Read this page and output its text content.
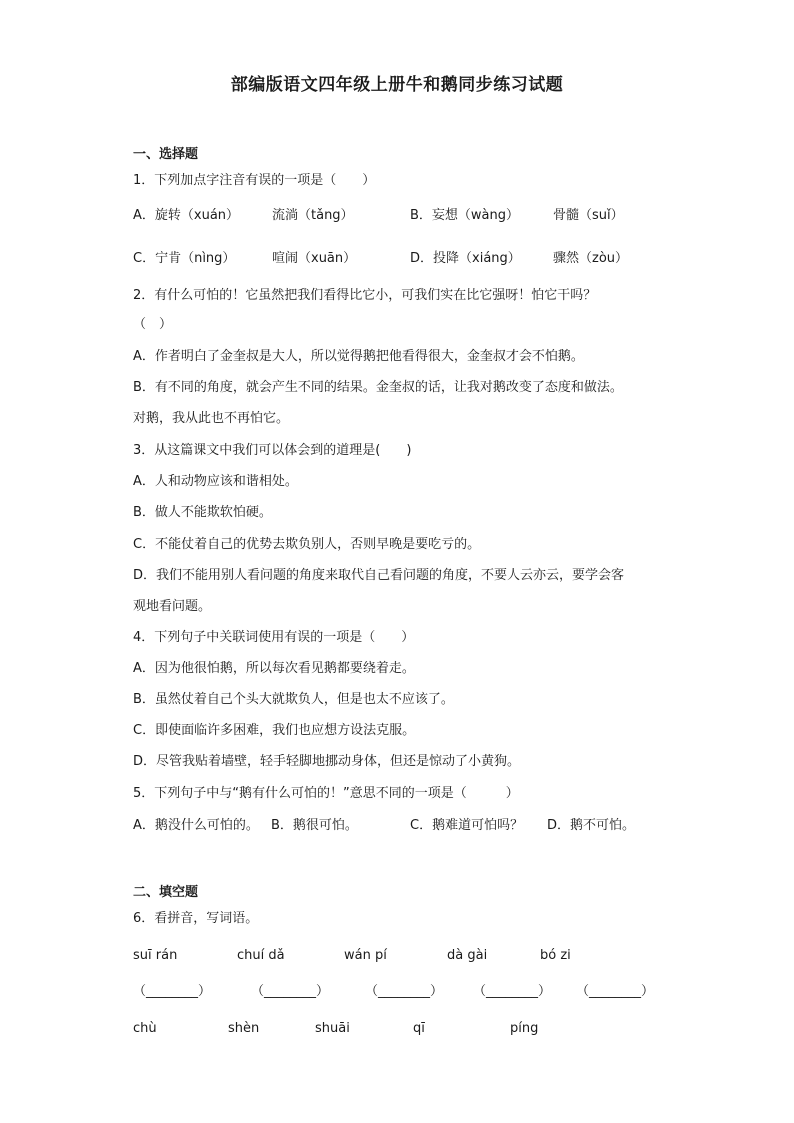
部编版语文四年级上册牛和鹅同步练习试题
一、选择题
1．下列加点字注音有误的一项是（　　）
A．旋转（xuán）	流淌（tǎng）	B．妄想（wàng）	骨髓（suǐ）
C．宁肯（nìng）	喧闹（xuān）	D．投降（xiáng） 骤然（zòu）
2．有什么可怕的！它虽然把我们看得比它小，可我们实在比它强呀！怕它干吗？
（　）
A．作者明白了金奎叔是大人，所以觉得鹅把他看得很大，金奎叔才会不怕鹅。
B．有不同的角度，就会产生不同的结果。金奎叔的话，让我对鹅改变了态度和做法。
对鹅，我从此也不再怕它。
3．从这篇课文中我们可以体会到的道理是(　　)
A．人和动物应该和谐相处。
B．做人不能欺软怕硬。
C．不能仗着自己的优势去欺负别人，否则早晚是要吃亏的。
D．我们不能用别人看问题的角度来取代自己看问题的角度，不要人云亦云，要学会客
观地看问题。
4．下列句子中关联词使用有误的一项是（　　）
A．因为他很怕鹅，所以每次看见鹅都要绕着走。
B．虽然仗着自己个头大就欺负人，但是也太不应该了。
C．即使面临许多困难，我们也应想方设法克服。
D．尽管我贴着墙壁，轻手轻脚地挪动身体，但还是惊动了小黄狗。
5．下列句子中与“鹅有什么可怕的！”意思不同的一项是（　　　）
A．鹅没什么可怕的。 B．鹅很可怕。	C．鹅难道可怕吗？ D．鹅不可怕。
二、填空题
6．看拼音，写词语。
suī rán	chuí dǎ	wán pí	dà gài	bó zi
（________）	（________）	（________） （________） （________）
chù	shèn	shuāi	qī	píng
